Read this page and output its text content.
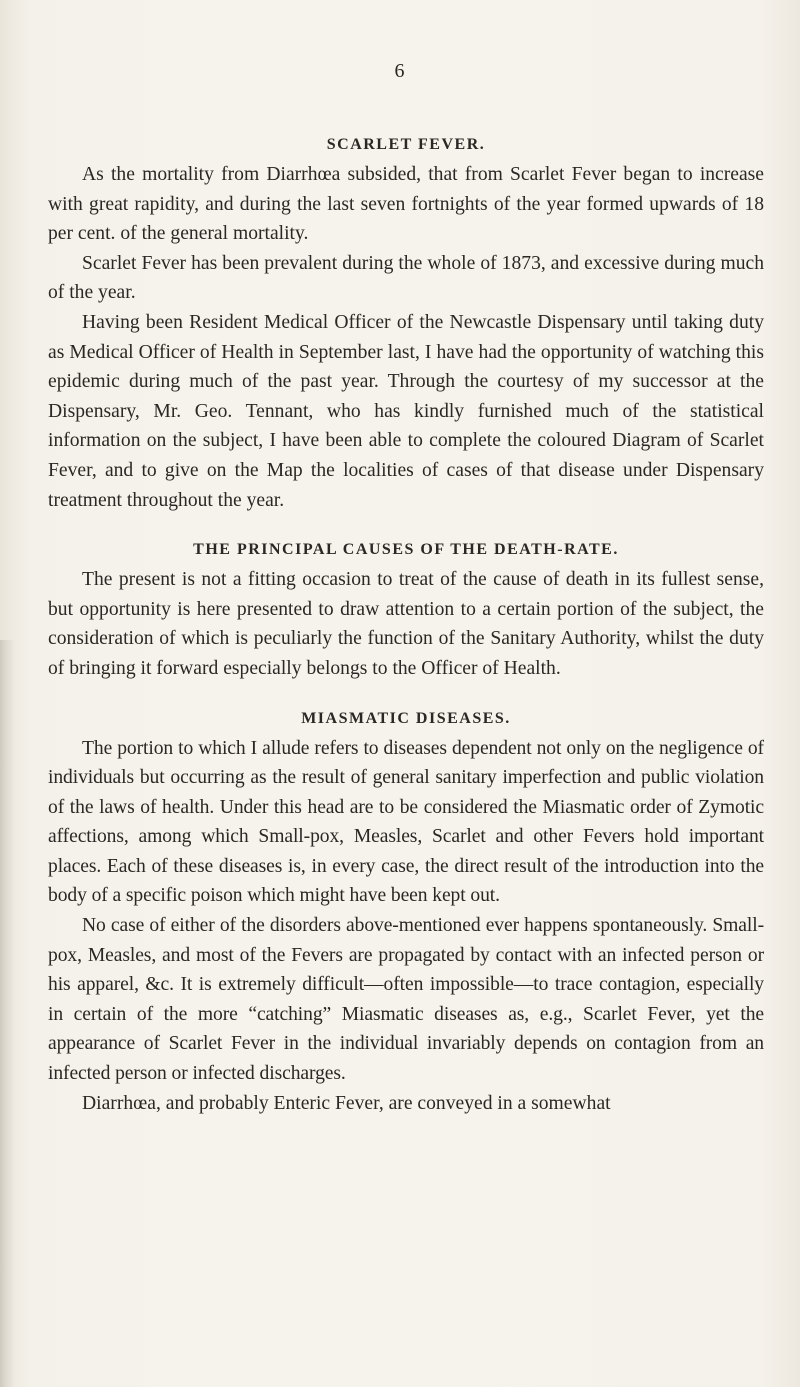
6
SCARLET FEVER.

As the mortality from Diarrhœa subsided, that from Scarlet Fever began to increase with great rapidity, and during the last seven fortnights of the year formed upwards of 18 per cent. of the general mortality.

Scarlet Fever has been prevalent during the whole of 1873, and excessive during much of the year.

Having been Resident Medical Officer of the Newcastle Dispensary until taking duty as Medical Officer of Health in September last, I have had the opportunity of watching this epidemic during much of the past year. Through the courtesy of my successor at the Dispensary, Mr. Geo. Tennant, who has kindly furnished much of the statistical information on the subject, I have been able to complete the coloured Diagram of Scarlet Fever, and to give on the Map the localities of cases of that disease under Dispensary treatment throughout the year.

THE PRINCIPAL CAUSES OF THE DEATH-RATE.

The present is not a fitting occasion to treat of the cause of death in its fullest sense, but opportunity is here presented to draw attention to a certain portion of the subject, the consideration of which is peculiarly the function of the Sanitary Authority, whilst the duty of bringing it forward especially belongs to the Officer of Health.

MIASMATIC DISEASES.

The portion to which I allude refers to diseases dependent not only on the negligence of individuals but occurring as the result of general sanitary imperfection and public violation of the laws of health. Under this head are to be considered the Miasmatic order of Zymotic affections, among which Small-pox, Measles, Scarlet and other Fevers hold important places. Each of these diseases is, in every case, the direct result of the introduction into the body of a specific poison which might have been kept out.

No case of either of the disorders above-mentioned ever happens spontaneously. Small-pox, Measles, and most of the Fevers are propagated by contact with an infected person or his apparel, &c. It is extremely difficult—often impossible—to trace contagion, especially in certain of the more “catching” Miasmatic diseases as, e.g., Scarlet Fever, yet the appearance of Scarlet Fever in the individual invariably depends on contagion from an infected person or infected discharges.

Diarrhœa, and probably Enteric Fever, are conveyed in a somewhat
